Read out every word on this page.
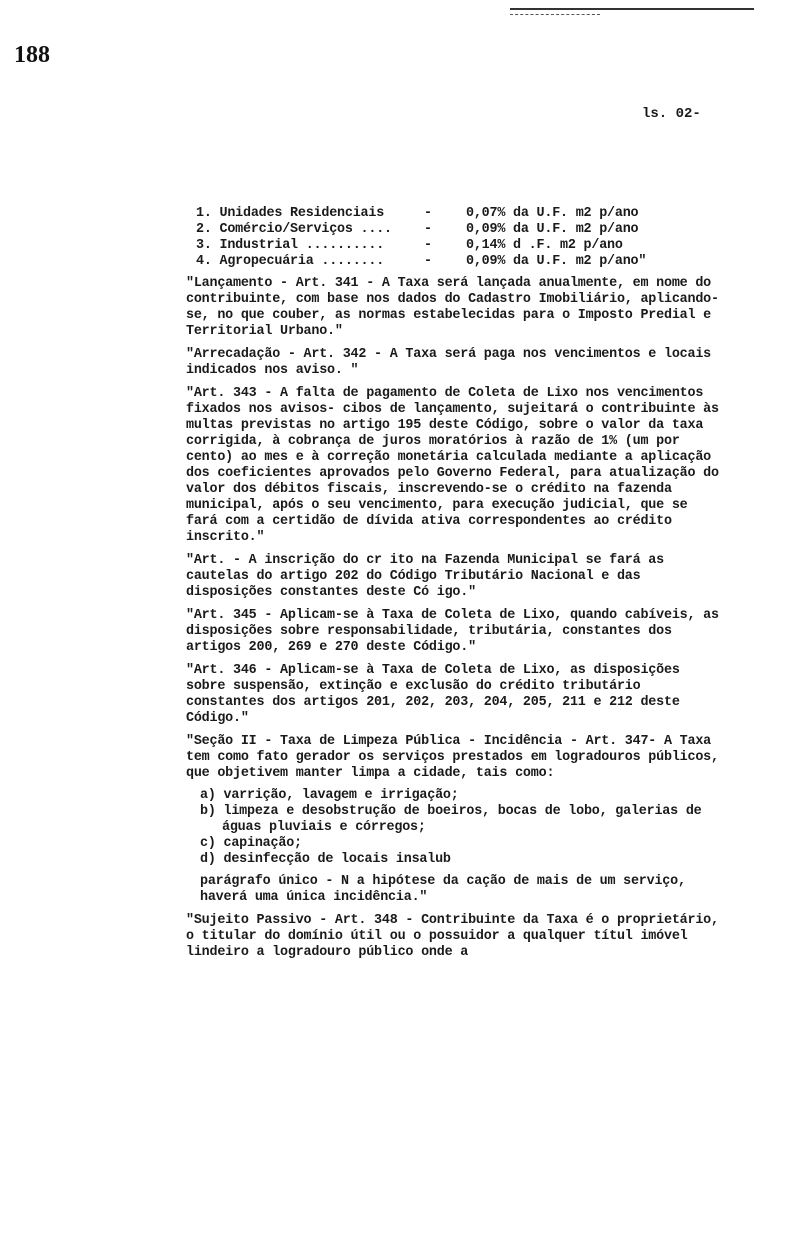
188
ls. 02-
1. Unidades Residenciais	-	0,07% da U.F. m2 p/ano
2. Comércio/Serviços ....	-	0,09% da U.F. m2 p/ano
3. Industrial ..........	-	0,14% d .F. m2 p/ano
4. Agropecuária ........	-	0,09% da U.F. m2 p/ano"

"Lançamento - Art. 341 - A Taxa será lançada anualmente, em nome do contribuinte, com base nos dados do Cadastro Imobiliário, aplicando-se, no que couber, as normas estabelecidas para o Imposto Predial e Territorial Urbano."

"Arrecadação - Art. 342 - A Taxa será paga nos vencimentos e locais indicados nos aviso. "

"Art. 343 - A falta de pagamento de Coleta de Lixo nos vencimentos fixados nos avisos- cibos de lançamento, sujeitará o contribuinte às multas previstas no artigo 195 deste Código, sobre o valor da taxa corrigida, à cobrança de juros moratórios à razão de 1% (um por cento) ao mes e à correção monetária calculada mediante a aplicação dos coeficientes aprovados pelo Governo Federal, para atualização do valor dos débitos fiscais, inscrevendo-se o crédito na fazenda municipal, após o seu vencimento, para execução judicial, que se fará com a certidão de dívida ativa correspondentes ao crédito inscrito."

"Art. - A inscrição do cr ito na Fazenda Municipal se fará as cautelas do artigo 202 do Código Tributário Nacional e das disposições constantes deste Có igo."

"Art. 345 - Aplicam-se à Taxa de Coleta de Lixo, quando cabíveis, as disposições sobre responsabilidade, tributária, constantes dos artigos 200, 269 e 270 deste Código."

"Art. 346 - Aplicam-se à Taxa de Coleta de Lixo, as disposições sobre suspensão, extinção e exclusão do crédito tributário constantes dos artigos 201, 202, 203, 204, 205, 211 e 212 deste Código."

"Seção II - Taxa de Limpeza Pública - Incidência - Art. 347- A Taxa tem como fato gerador os serviços prestados em logradouros públicos, que objetivem manter limpa a cidade, tais como:

a) varrição, lavagem e irrigação;
b) limpeza e desobstrução de boeiros, bocas de lobo, galerias de águas pluviais e córregos;
c) capinação;
d) desinfecção de locais insalub

parágrafo único - N a hipótese da cação de mais de um serviço, haverá uma única incidência."

"Sujeito Passivo - Art. 348 - Contribuinte da Taxa é o proprietário, o titular do domínio útil ou o possuidor a qualquer títul imóvel lindeiro a logradouro público onde a
